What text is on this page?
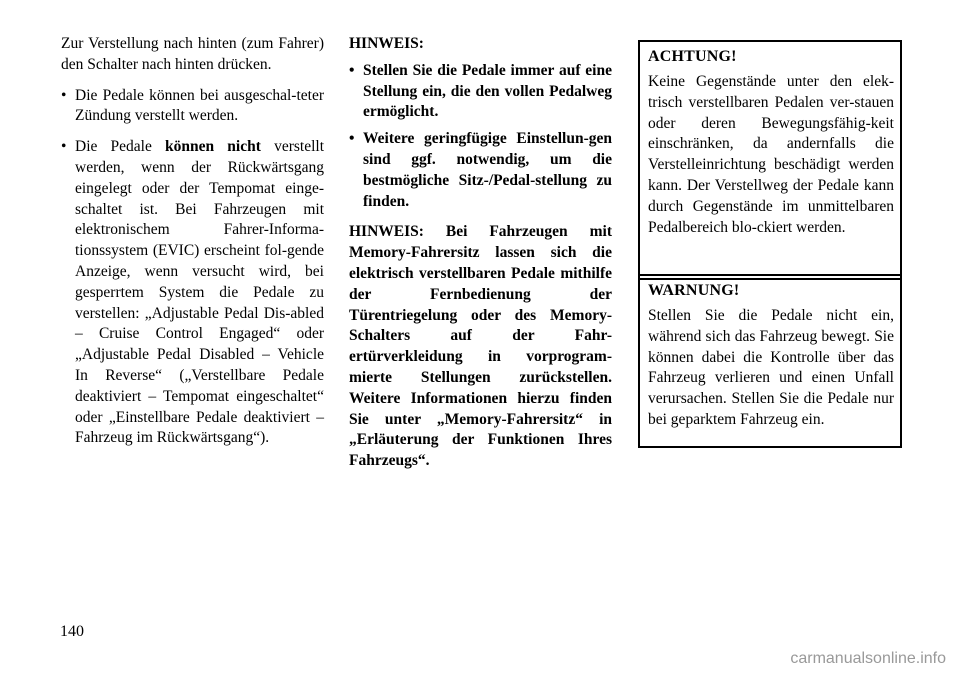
Zur Verstellung nach hinten (zum Fahrer) den Schalter nach hinten drücken.

• Die Pedale können bei ausgeschal-teter Zündung verstellt werden.
• Die Pedale können nicht verstellt werden, wenn der Rückwärtsgang eingelegt oder der Tempomat einge-schaltet ist. Bei Fahrzeugen mit elektronischem Fahrer-Informa-tionssystem (EVIC) erscheint fol-gende Anzeige, wenn versucht wird, bei gesperrtem System die Pedale zu verstellen: „Adjustable Pedal Dis-abled – Cruise Control Engaged“ oder „Adjustable Pedal Disabled – Vehicle In Reverse“ („Verstellbare Pedale deaktiviert – Tempomat eingeschaltet“ oder „Einstellbare Pedale deaktiviert – Fahrzeug im Rückwärtsgang“).

HINWEIS:

• Stellen Sie die Pedale immer auf eine Stellung ein, die den vollen Pedalweg ermöglicht.
• Weitere geringfügige Einstellun-gen sind ggf. notwendig, um die bestmögliche Sitz-/Pedal-stellung zu finden.

HINWEIS: Bei Fahrzeugen mit Memory-Fahrersitz lassen sich die elektrisch verstellbaren Pedale mithilfe der Fernbedienung der Türentriegelung oder des Memory-Schalters auf der Fahr-ertürverkleidung in vorprogram-mierte Stellungen zurückstellen. Weitere Informationen hierzu finden Sie unter „Memory-Fahrersitz“ in „Erläuterung der Funktionen Ihres Fahrzeugs“.

ACHTUNG!

Keine Gegenstände unter den elek-trisch verstellbaren Pedalen ver-stauen oder deren Bewegungsfähig-keit einschränken, da andernfalls die Verstelleinrichtung beschädigt werden kann. Der Verstellweg der Pedale kann durch Gegenstände im unmittelbaren Pedalbereich blo-ckiert werden.

WARNUNG!

Stellen Sie die Pedale nicht ein, während sich das Fahrzeug bewegt. Sie können dabei die Kontrolle über das Fahrzeug verlieren und einen Unfall verursachen. Stellen Sie die Pedale nur bei geparktem Fahrzeug ein.

140
carmanualsonline.info
